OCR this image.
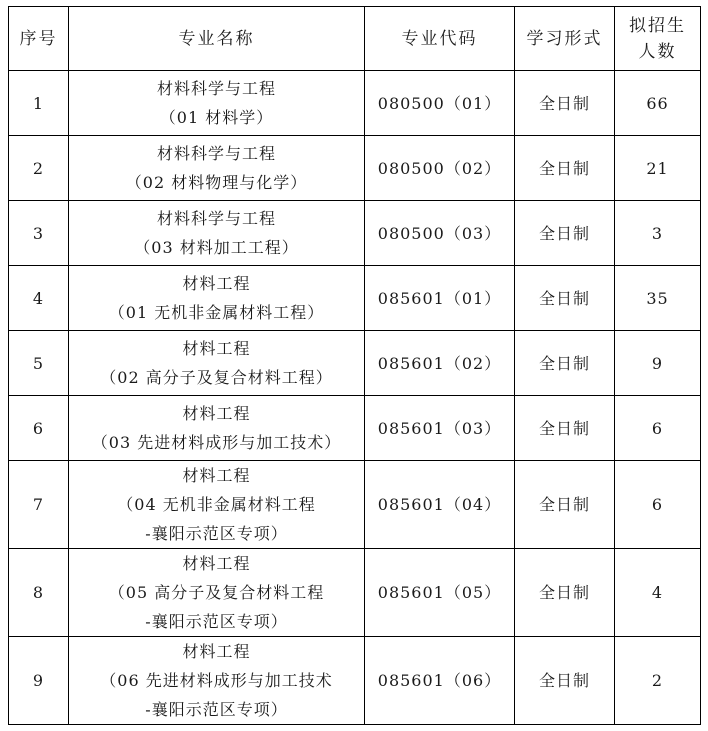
序号	专业名称	专业代码	学习形式	拟招生
人数

1	材料科学与工程
（01 材料学）	080500（01）	全日制	66
2	材料科学与工程
（02 材料物理与化学）	080500（02）	全日制	21
3	材料科学与工程
（03 材料加工工程）	080500（03）	全日制	3
4	材料工程
（01 无机非金属材料工程）	085601（01）	全日制	35
5	材料工程
（02 高分子及复合材料工程）	085601（02）	全日制	9
6	材料工程
（03 先进材料成形与加工技术）	085601（03）	全日制	6
7	材料工程
（04 无机非金属材料工程
-襄阳示范区专项）	085601（04）	全日制	6
8	材料工程
（05 高分子及复合材料工程
-襄阳示范区专项）	085601（05）	全日制	4
9	材料工程
（06 先进材料成形与加工技术
-襄阳示范区专项）	085601（06）	全日制	2
